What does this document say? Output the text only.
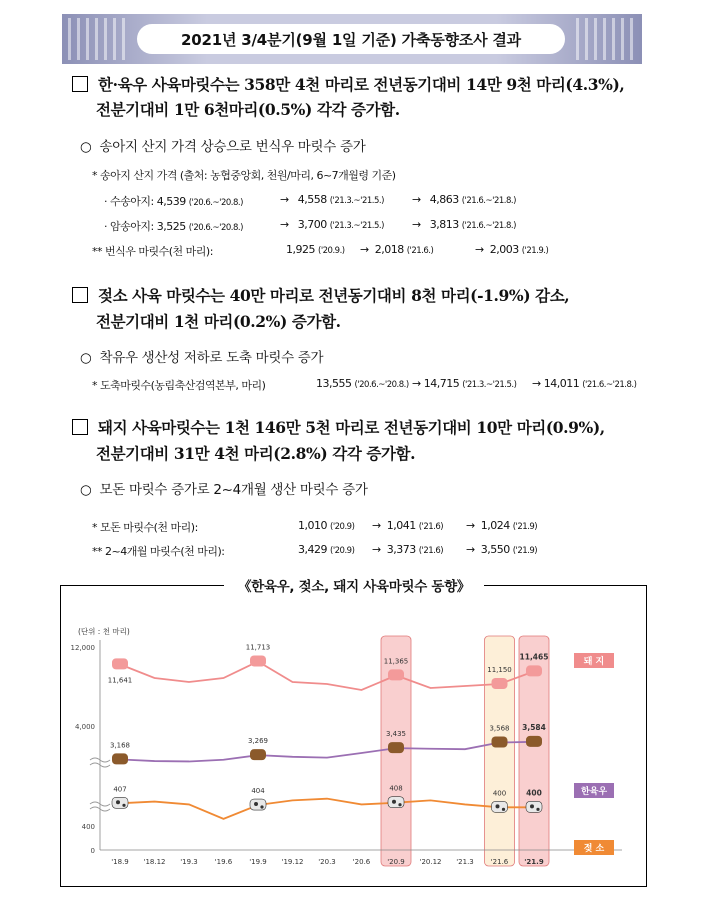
2021년 3/4분기(9월 1일 기준) 가축동향조사 결과
한·육우 사육마릿수는 358만 4천 마리로 전년동기대비 14만 9천 마리(4.3%),
전분기대비 1만 6천마리(0.5%) 각각 증가함.
○  송아지 산지 가격 상승으로 번식우 마릿수 증가
* 송아지 산지 가격 (출처: 농협중앙회, 천원/마리, 6~7개월령 기준)
· 수송아지: 4,539 ('20.6.~'20.8.)	→ 4,558 ('21.3.~'21.5.)	→ 4,863 ('21.6.~'21.8.)
· 암송아지: 3,525 ('20.6.~'20.8.)	→ 3,700 ('21.3.~'21.5.)	→ 3,813 ('21.6.~'21.8.)
** 번식우 마릿수(천 마리):	1,925 ('20.9.) → 2,018 ('21.6.)	→ 2,003 ('21.9.)
젖소 사육 마릿수는 40만 마리로 전년동기대비 8천 마리(-1.9%) 감소,
전분기대비 1천 마리(0.2%) 증가함.
○  착유우 생산성 저하로 도축 마릿수 증가
* 도축마릿수(농림축산검역본부, 마리)	13,555 ('20.6.~'20.8.) → 14,715 ('21.3.~'21.5.) → 14,011 ('21.6.~'21.8.)
돼지 사육마릿수는 1천 146만 5천 마리로 전년동기대비 10만 마리(0.9%),
전분기대비 31만 4천 마리(2.8%) 각각 증가함.
○  모돈 마릿수 증가로 2~4개월 생산 마릿수 증가
* 모돈 마릿수(천 마리):	1,010 ('20.9) → 1,041 ('21.6) → 1,024 ('21.9)
** 2~4개월 마릿수(천 마리):	3,429 ('20.9) → 3,373 ('21.6) → 3,550 ('21.9)
《한육우, 젖소, 돼지 사육마릿수 동향》
(단위 : 천 마리)
12,000
4,000
400
0
'18.9 '18.12 '19.3 '19.6 '19.9 '19.12 '20.3 '20.6 '20.9 '20.12 '21.3 '21.6 '21.9
11,641
11,713
11,365
11,150
11,465
돼 지
3,168
3,269
3,435
3,568 3,584
한육우
407	404	408
400	400
젖 소
